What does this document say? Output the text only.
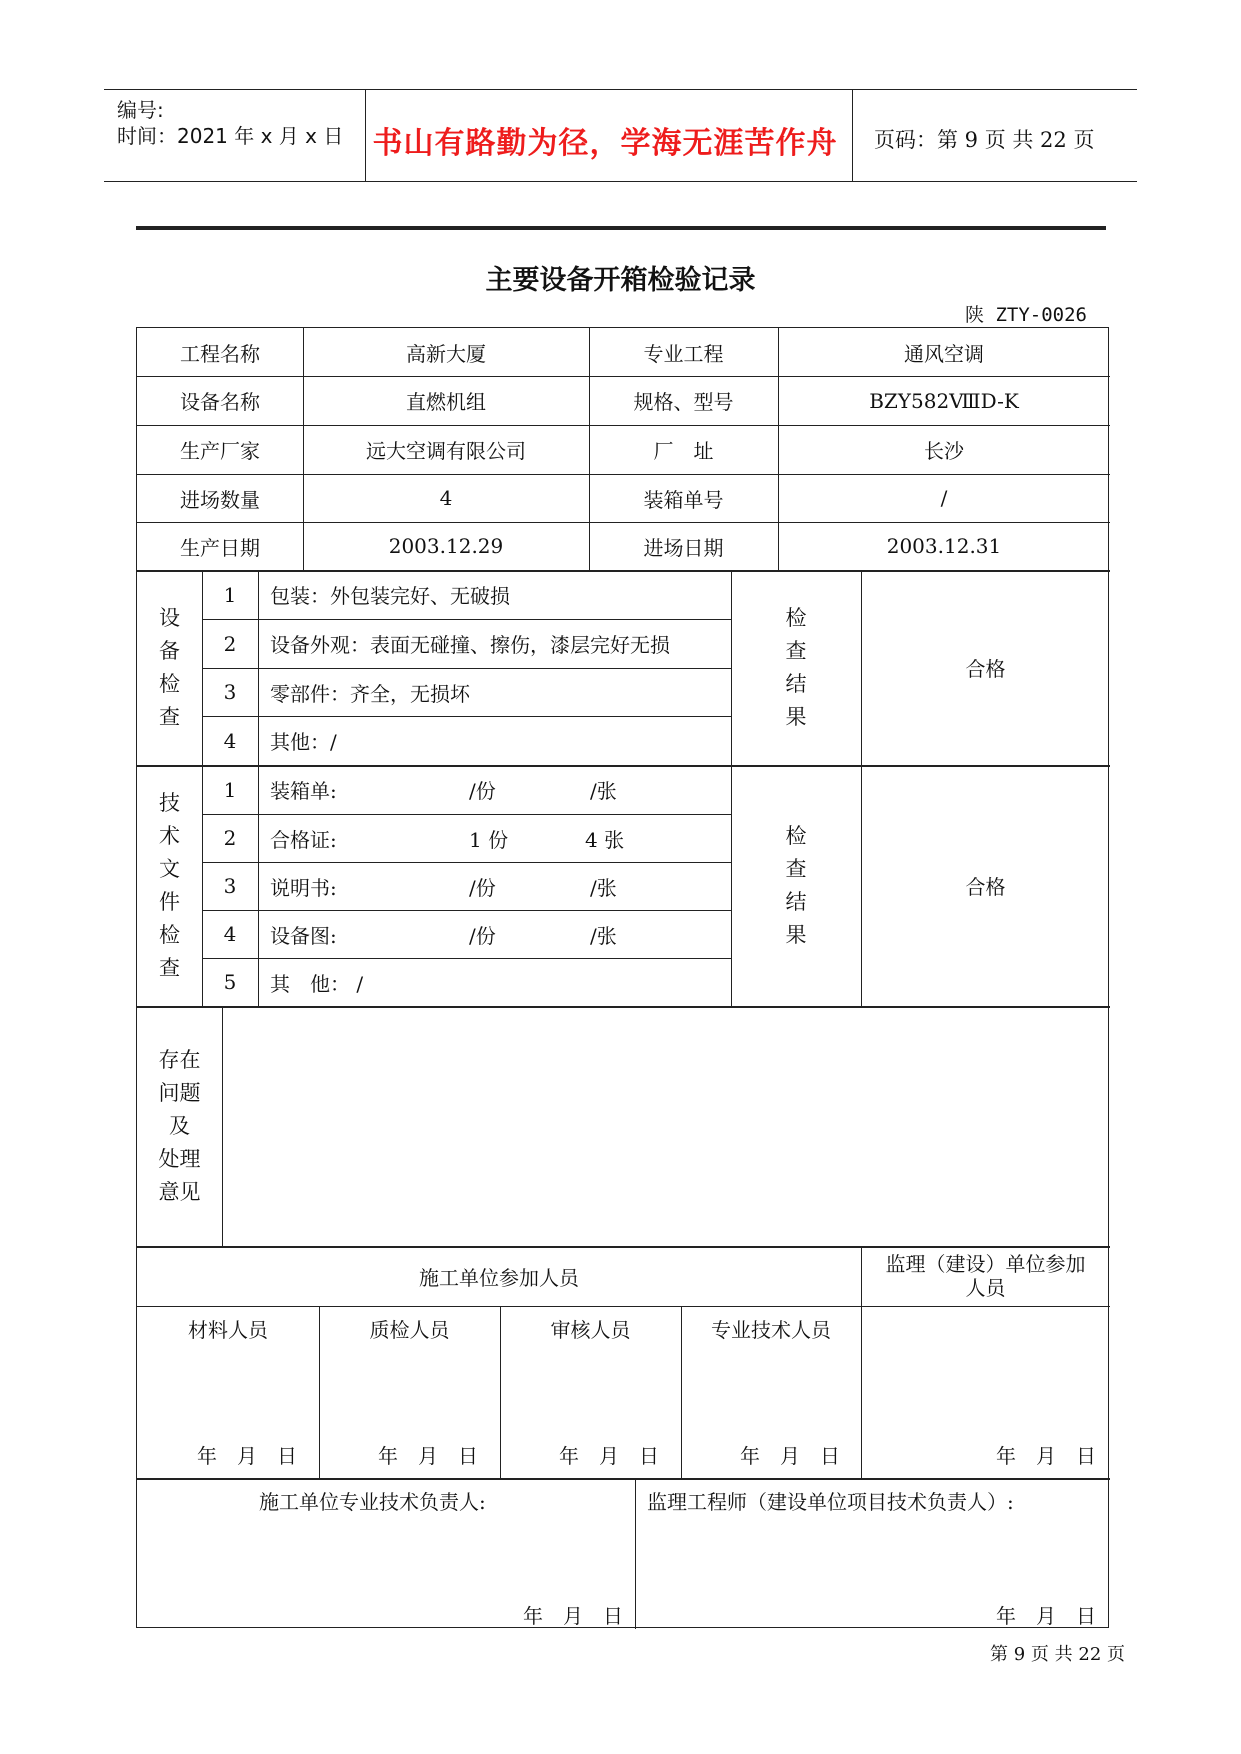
编号:
时间：2021 年 x 月 x 日 书山有路勤为径，学海无涯苦作舟 页码：第 9 页 共 22 页
主要设备开箱检验记录
陕 ZTY-0026
工程名称	高新大厦	专业工程	通风空调
设备名称	直燃机组	规格、型号	BZY582ⅧD-K
生产厂家	远大空调有限公司	厂　址	长沙
进场数量	4	装箱单号	/
生产日期	2003.12.29	进场日期	2003.12.31
设
备
检
查
1	包装：外包装完好、无破损
2	设备外观：表面无碰撞、擦伤，漆层完好无损
3	零部件：齐全，无损坏
4	其他：/
检
查
结
果
合格
技
术
文
件
检
查
1	装箱单:	/份	/张
2	合格证:	1 份	4 张
3	说明书:	/份	/张
4	设备图:	/份	/张
5	其　他： /
检
查
结
果
合格
存在
问题
及
处理
意见
施工单位参加人员
监理（建设）单位参加
人员
材料人员	质检人员	审核人员	专业技术人员
年　月　日	年　月　日	年　月　日	年　月　日	年　月　日
施工单位专业技术负责人:	监理工程师（建设单位项目技术负责人）:
年　月　日	年　月　日
第 9 页 共 22 页
